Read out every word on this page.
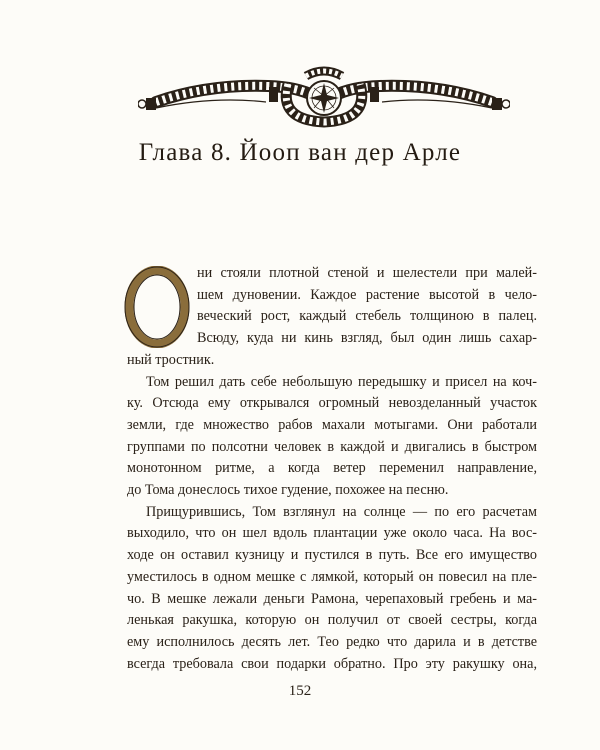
Глава 8. Йооп ван дер Арле
О
ни стояли плотной стеной и шелестели при малей-
шем дуновении. Каждое растение высотой в чело-
веческий рост, каждый стебель толщиною в палец.
Всюду, куда ни кинь взгляд, был один лишь сахар-
ный тростник.
Том решил дать себе небольшую передышку и присел на коч-
ку. Отсюда ему открывался огромный невозделанный участок
земли, где множество рабов махали мотыгами. Они работали
группами по полсотни человек в каждой и двигались в быстром
монотонном ритме, а когда ветер переменил направление,
до Тома донеслось тихое гудение, похожее на песню.
Прищурившись, Том взглянул на солнце — по его расчетам
выходило, что он шел вдоль плантации уже около часа. На вос-
ходе он оставил кузницу и пустился в путь. Все его имущество
уместилось в одном мешке с лямкой, который он повесил на пле-
чо. В мешке лежали деньги Рамона, черепаховый гребень и ма-
ленькая ракушка, которую он получил от своей сестры, когда
ему исполнилось десять лет. Тео редко что дарила и в детстве
всегда требовала свои подарки обратно. Про эту ракушку она,
152
